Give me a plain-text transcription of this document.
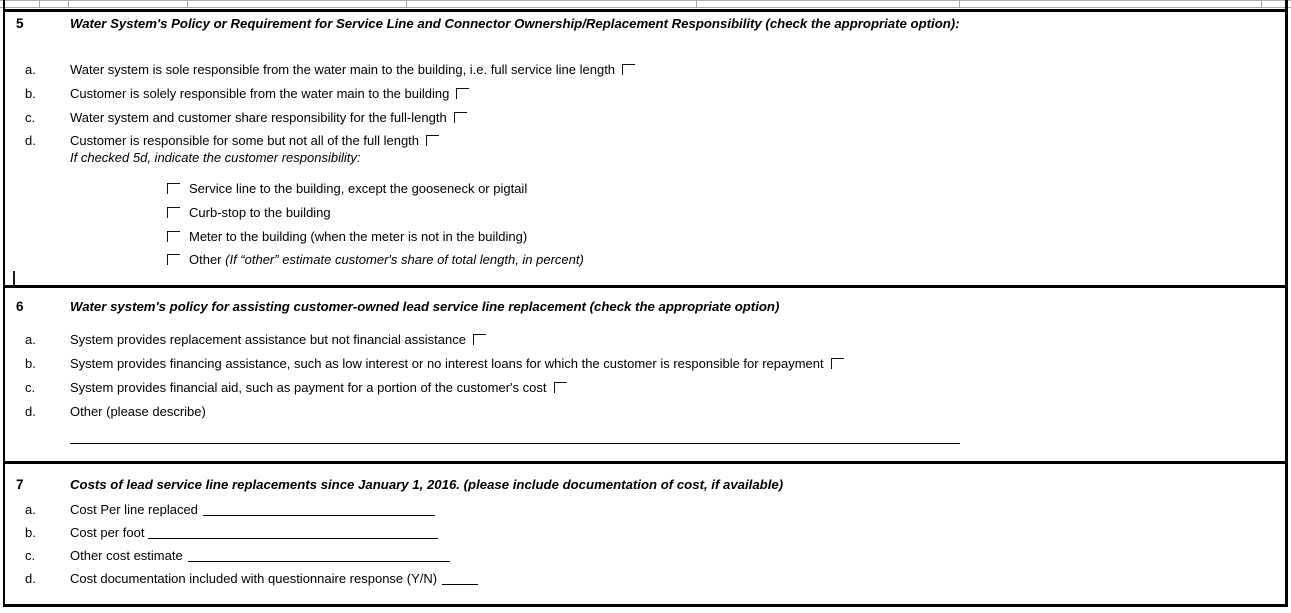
5	Water System's Policy or Requirement for Service Line and Connector Ownership/Replacement Responsibility (check the appropriate option):
a.	Water system is sole responsible from the water main to the building, i.e. full service line length
b.	Customer is solely responsible from the water main to the building
c.	Water system and customer share responsibility for the full-length
d.	Customer is responsible for some but not all of the full length
If checked 5d, indicate the customer responsibility:
Service line to the building, except the gooseneck or pigtail
Curb-stop to the building
Meter to the building (when the meter is not in the building)
Other (If “other” estimate customer's share of total length, in percent)
6	Water system's policy for assisting customer-owned lead service line replacement (check the appropriate option)
a.	System provides replacement assistance but not financial assistance
b.	System provides financing assistance, such as low interest or no interest loans for which the customer is responsible for repayment
c.	System provides financial aid, such as payment for a portion of the customer's cost
d.	Other (please describe)
7	Costs of lead service line replacements since January 1, 2016. (please include documentation of cost, if available)
a.	Cost Per line replaced
b.	Cost per foot
c.	Other cost estimate
d.	Cost documentation included with questionnaire response (Y/N)
